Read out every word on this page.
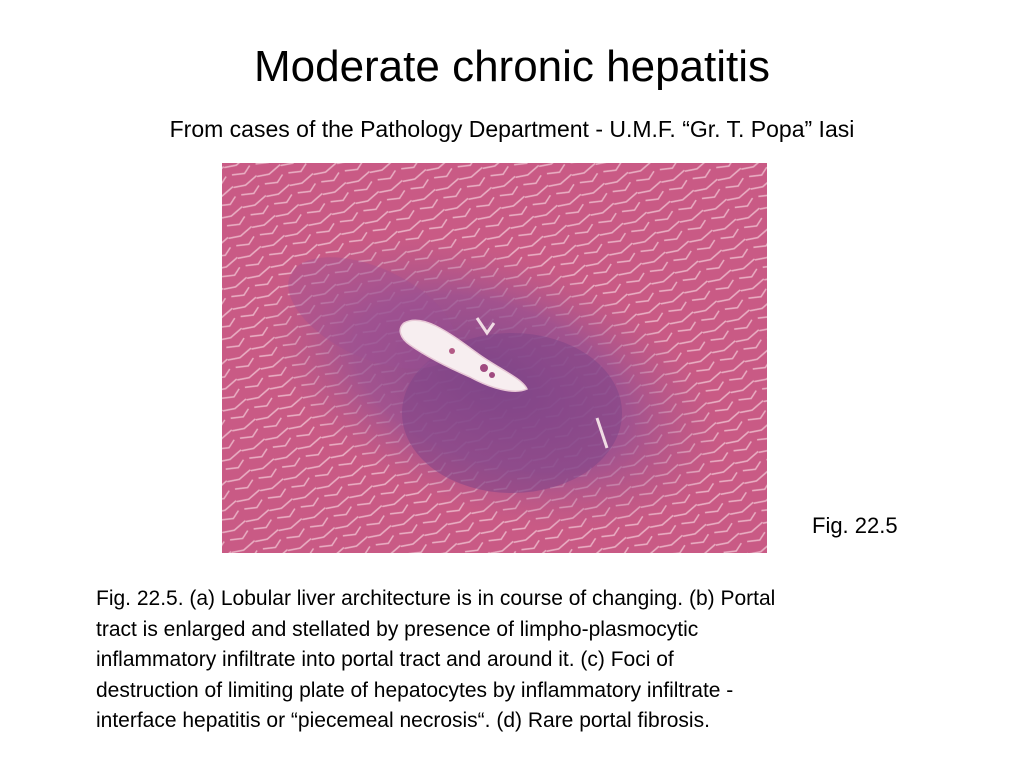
Moderate chronic hepatitis
From cases of the Pathology Department - U.M.F. “Gr. T. Popa” Iasi
Fig. 22.5
Fig. 22.5. (a) Lobular liver architecture is in course of changing. (b) Portal
tract is enlarged and stellated by presence of limpho-plasmocytic
inflammatory infiltrate into portal tract and around it. (c) Foci of
destruction of limiting plate of hepatocytes by inflammatory infiltrate -
interface hepatitis or “piecemeal necrosis“. (d) Rare portal fibrosis.
